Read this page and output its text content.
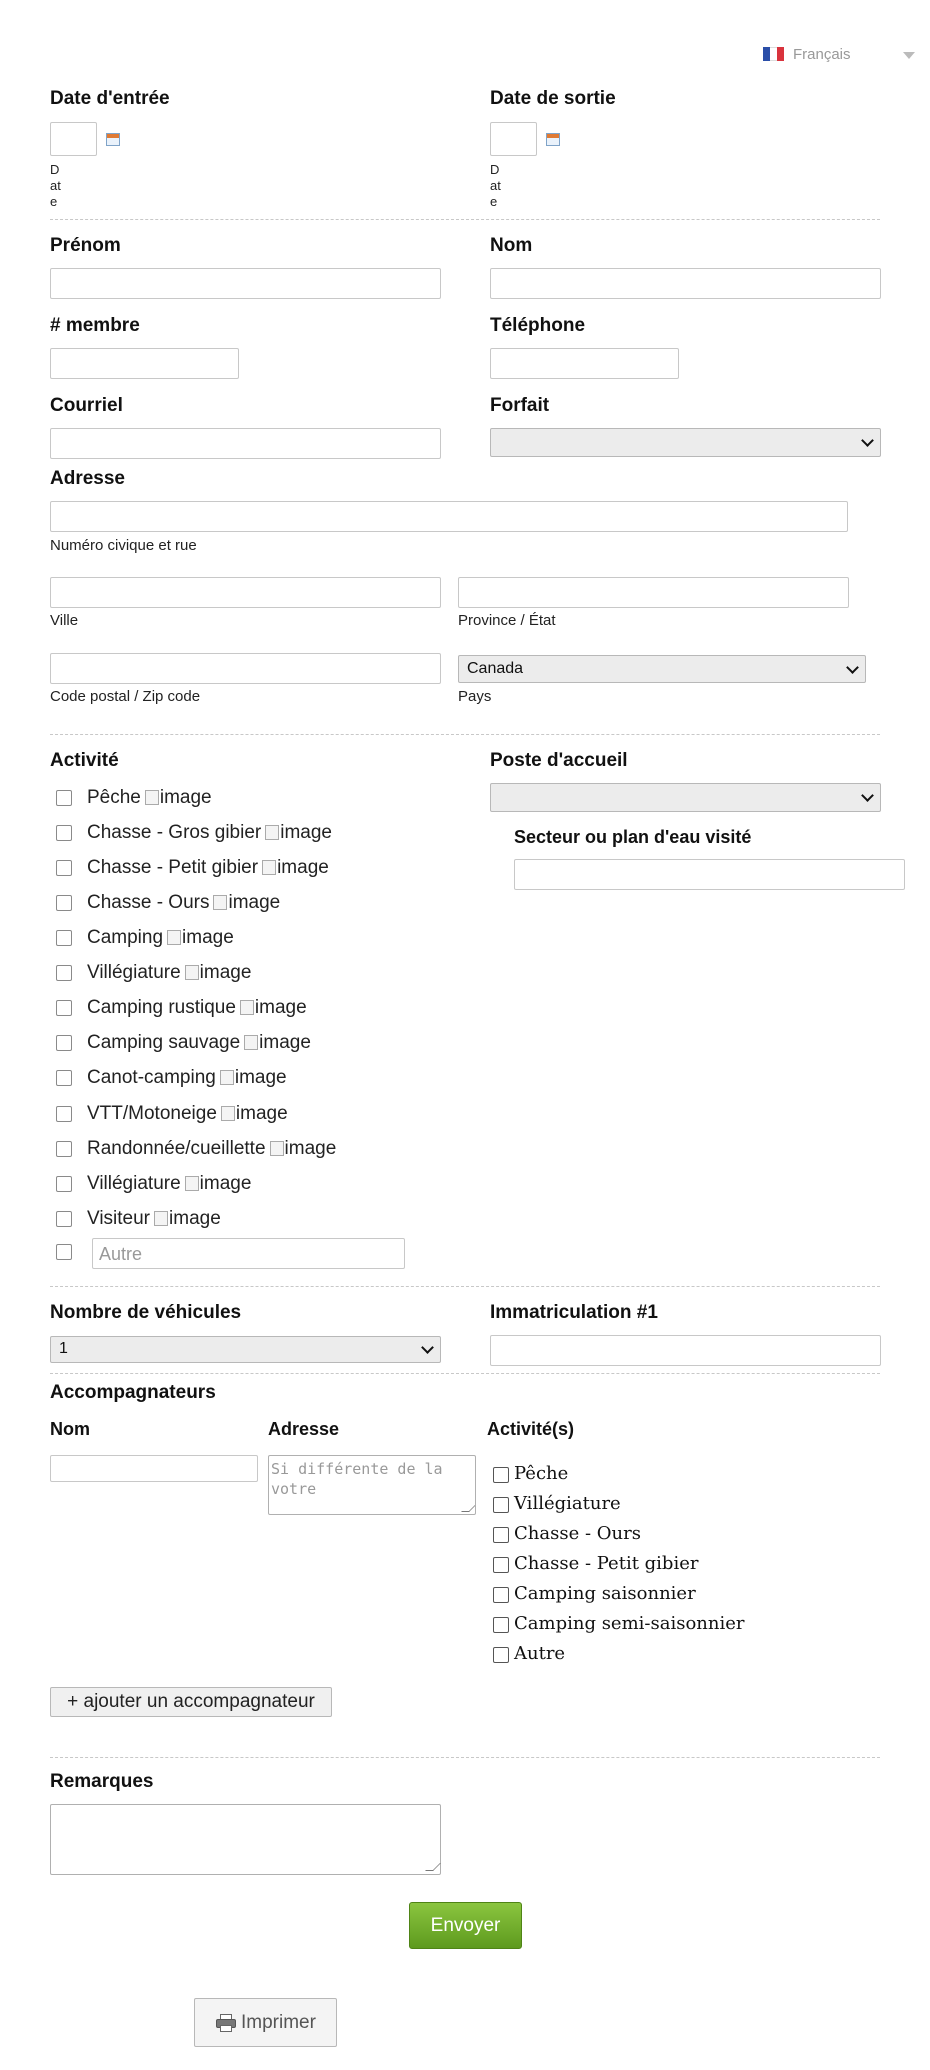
Français
Date d'entrée	Date de sortie
D
at
e
D
at
e
Prénom	Nom
# membre	Téléphone
Courriel	Forfait
Adresse
Numéro civique et rue
Ville	Province / État
Canada
Code postal / Zip code	Pays
Activité
Pêche image
Chasse - Gros gibier image
Chasse - Petit gibier image
Chasse - Ours image
Camping image
Villégiature image
Camping rustique image
Camping sauvage image
Canot-camping image
VTT/Motoneige image
Randonnée/cueillette image
Villégiature image
Visiteur image
Autre
Poste d'accueil
Secteur ou plan d'eau visité
Nombre de véhicules	Immatriculation #1
1
Accompagnateurs
Nom	Adresse	Activité(s)
Si différente de la votre
Pêche
Villégiature
Chasse - Ours
Chasse - Petit gibier
Camping saisonnier
Camping semi-saisonnier
Autre
+ ajouter un accompagnateur
Remarques
Envoyer
Imprimer
